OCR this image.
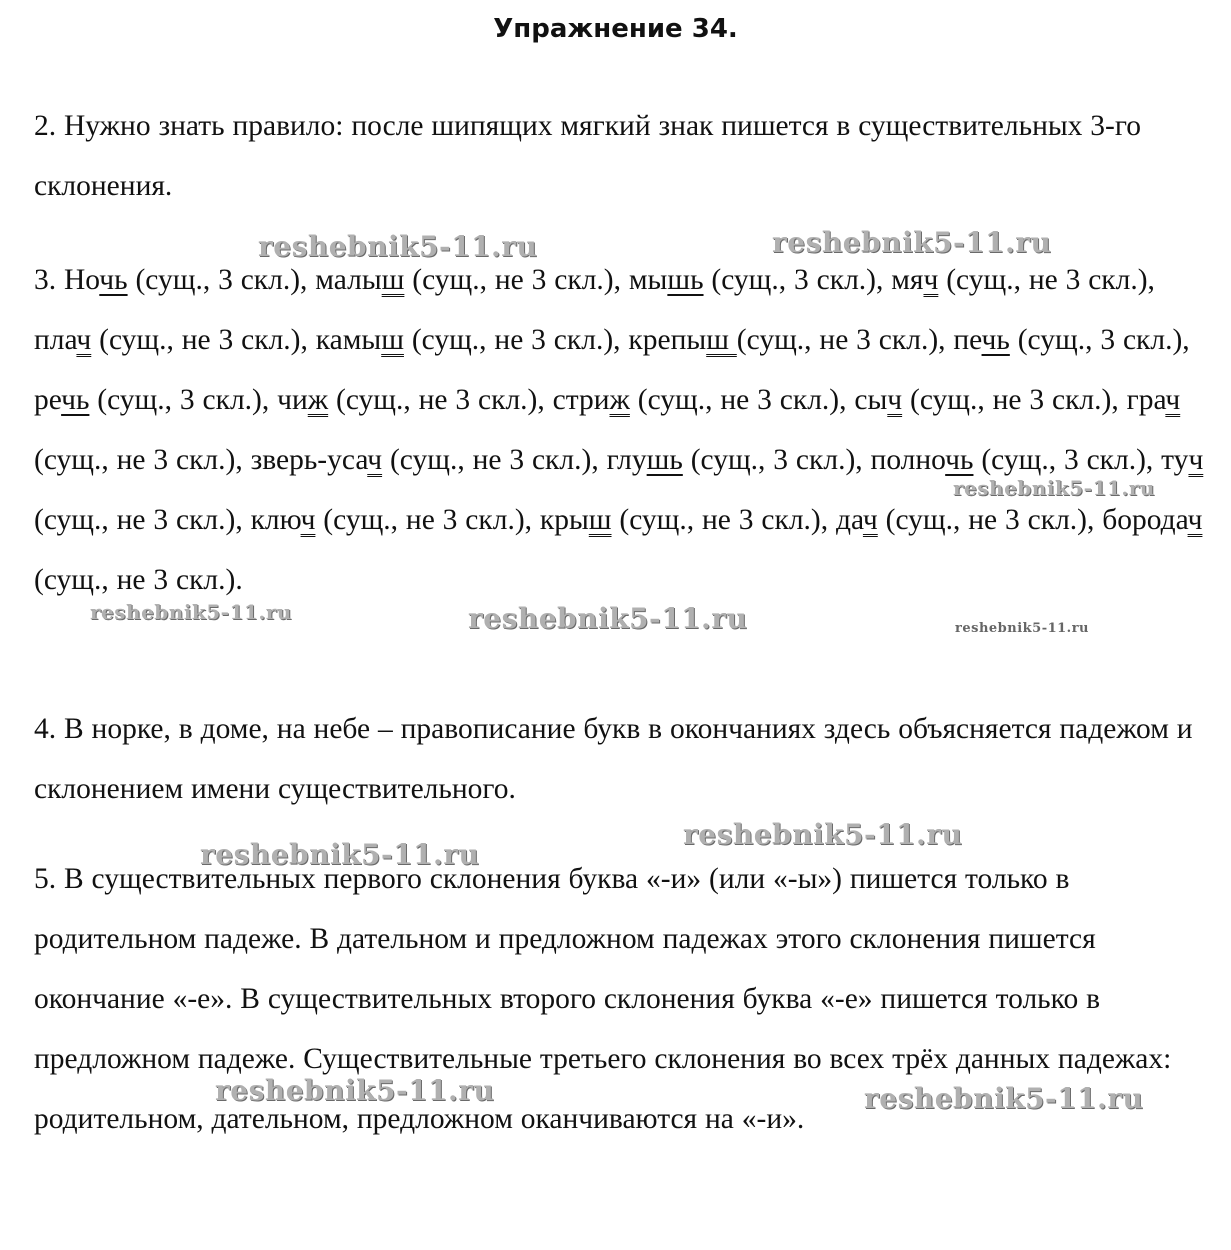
Упражнение 34.

2. Нужно знать правило: после шипящих мягкий знак пишется в существительных 3-го склонения.

3. Ночь (сущ., 3 скл.), малыш (сущ., не 3 скл.), мышь (сущ., 3 скл.), мяч (сущ., не 3 скл.), плач (сущ., не 3 скл.), камыш (сущ., не 3 скл.), крепыш (сущ., не 3 скл.), печь (сущ., 3 скл.), речь (сущ., 3 скл.), чиж (сущ., не 3 скл.), стриж (сущ., не 3 скл.), сыч (сущ., не 3 скл.), грач (сущ., не 3 скл.), зверь-усач (сущ., не 3 скл.), глушь (сущ., 3 скл.), полночь (сущ., 3 скл.), туч (сущ., не 3 скл.), ключ (сущ., не 3 скл.), крыш (сущ., не 3 скл.), дач (сущ., не 3 скл.), бородач (сущ., не 3 скл.).

4. В норке, в доме, на небе – правописание букв в окончаниях здесь объясняется падежом и склонением имени существительного.

5. В существительных первого склонения буква «-и» (или «-ы») пишется только в родительном падеже. В дательном и предложном падежах этого склонения пишется окончание «-е». В существительных второго склонения буква «-е» пишется только в предложном падеже. Существительные третьего склонения во всех трёх данных падежах: родительном, дательном, предложном оканчиваются на «-и».

reshebnik5-11.ru	reshebnik5-11.ru
reshebnik5-11.ru
reshebnik5-11.ru	reshebnik5-11.ru	reshebnik5-11.ru
reshebnik5-11.ru
reshebnik5-11.ru
reshebnik5-11.ru	reshebnik5-11.ru
